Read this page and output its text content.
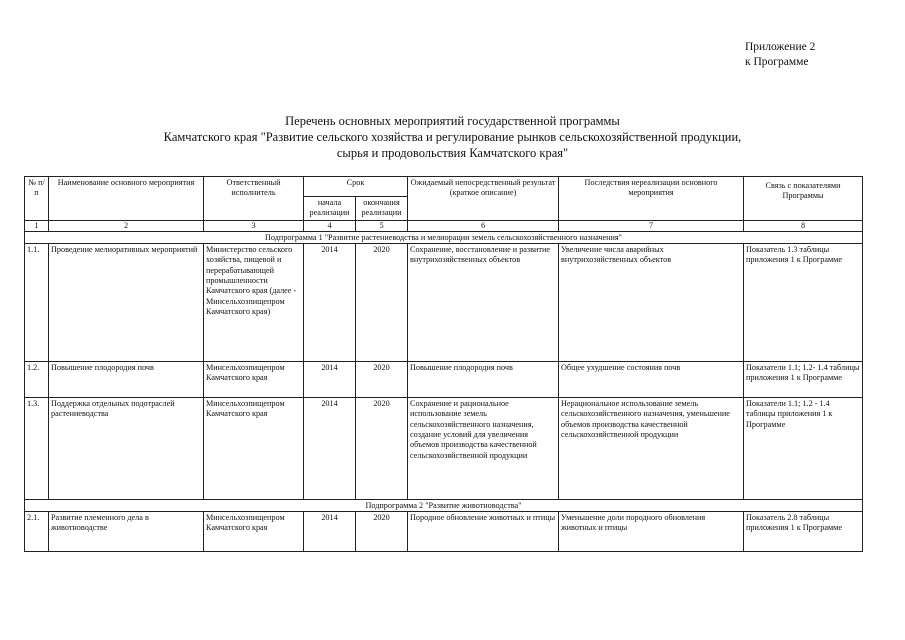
Приложение 2
к Программе
Перечень основных мероприятий государственной программы
Камчатского края "Развитие сельского хозяйства и регулирование рынков сельскохозяйственной продукции,
сырья и продовольствия Камчатского края"
№ п/п	Наименование основного мероприятия	Ответственный исполнитель	Срок		Ожидаемый непосредственный результат (краткое описание)	Последствия нереализации основного мероприятия	Связь с показателями Программы
			начала реализации	окончания реализации			
1	2	3	4	5	6	7	8
Подпрограмма 1 "Развитие растениеводства и мелиорации земель сельскохозяйственного назначения"							
1.1.	Проведение мелиоративных мероприятий	Министерство сельского хозяйства, пищевой и перерабатывающей промышленности Камчатского края (далее - Минсельхозпищепром Камчатского края)	2014	2020	Сохранение, восстановление и развитие внутрихозяйственных объектов	Увеличение числа аварийных внутрихозяйственных объектов	Показатель 1.3 таблицы приложения 1 к Программе
1.2.	Повышение плодородия почв	Минсельхозпищепром Камчатского края	2014	2020	Повышение плодородия почв	Общее ухудшение состояния почв	Показатели 1.1; 1.2- 1.4 таблицы приложения 1 к Программе
1.3.	Поддержка отдельных подотраслей растениеводства	Минсельхозпищепром Камчатского края	2014	2020	Сохранение и рациональное использование земель сельскохозяйственного назначения, создание условий для увеличения объемов производства качественной сельскохозяйственной продукции	Нерациональное использование земель сельскохозяйственного назначения, уменьшение объемов производства качественной сельскохозяйственной продукции	Показатели 1.1; 1.2 - 1.4 таблицы приложения 1 к Программе
Подпрограмма 2 "Развитие животноводства"							
2.1.	Развитие племенного дела в животноводстве	Минсельхозпищепром Камчатского края	2014	2020	Породное обновление животных и птицы	Уменьшение доли породного обновления животных и птицы	Показатель 2.8 таблицы приложения 1 к Программе
